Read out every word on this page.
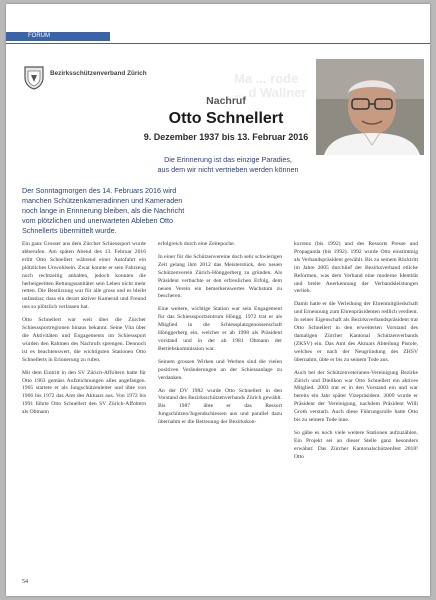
FORUM
Bezirksschützenverband Zürich	Ma ... rode
... d Wallner
Nachruf
Otto Schnellert
9. Dezember 1937 bis 13. Februar 2016
Die Erinnerung ist das einzige Paradies,
aus dem wir nicht vertrieben werden können
Der Sonntagmorgen des 14. Februars 2016 wird
manchen Schützenkameradinnen und Kameraden
noch lange in Erinnerung bleiben, als die Nachricht
vom plötzlichen und unerwarteten Ableben Otto
Schnellerts übermittelt wurde.

Ein ganz Grosser aus dem Zürcher Schiesssport wurde abberufen. Am späten Abend des 13. Februar 2016 erlitt Otto Schnellert während einer Autofahrt ein plötzliches Unwohlsein. Zwar konnte er sein Fahrzeug noch rechtzeitig anhalten, jedoch konnten die herbeigeeilten Rettungssanitäter sein Leben nicht mehr retten. Die Bestürzung war für alle gross und es bleibt unfassbar, dass ein derart aktiver Kamerad und Freund uns so plötzlich verlassen hat.

Otto Schnellert war weit über die Zürcher Schiesssportregionen hinaus bekannt. Seine Vita über die Aktivitäten und Engagements im Schiesssport würden den Rahmen des Nachrufs sprengen. Dennoch ist es beachtenswert, die wichtigsten Stationen Otto Schnellerts in Erinnerung zu rufen.

Mit dem Eintritt in den SV Zürich-Affoltern hatte für Otto 1963 gemäss Aufzeichnungen alles angefangen. 1965 startete er als Jungschützenleiter und übte von 1966 bis 1972 das Amt des Aktuars aus. Von 1972 bis 1991 führte Otto Schnellert den SV Zürich-Affoltern als Obmann

erfolgreich durch eine Zeitepoche.

In einer für die Schützenvereine doch sehr schwierigen Zeit gelang ihm 2012 das Meisterstück, den neuen Schützenverein Zürich-Hönggerberg zu gründen. Als Präsident verbuchte er den erfreulichen Erfolg, dem neuen Verein ein bemerkenswertes Wachstum zu bescheren.

Eine weitere, wichtige Station war sein Engagement für das Schiesssportzentrum Höngg. 1972 trat er als Mitglied in die Schiessplatzgenossenschaft Hönggerberg ein, welcher er ab 1998 als Präsident vorstand und in der ab 1981 Obmann der Betriebskommission war.

Seinem grossen Wirken und Werben sind die vielen positiven Veränderungen an der Schiessanlage zu verdanken.

An der DV 1982 wurde Otto Schnellert in den Vorstand des Bezirksschützenverbands Zürich gewählt. Bis 1987 übte er das Ressort Jungschützen/Jugendschiessen aus und parallel dazu übernahm er die Betreuung der Bezirkskon-

kurrenz (bis 1992) und des Ressorts Presse und Propaganda (bis 1992). 1992 wurde Otto einstimmig als Verbandspräsident gewählt. Bis zu seinem Rücktritt im Jahre 2005 durchlief der Bezirksverband etliche Reformen, was dem Verband eine moderne Identität und breite Anerkennung der Verbandsleistungen verlieh.

Damit hatte er die Verleihung der Ehrenmitgliedschaft und Ernennung zum Ehrenpräsidenten redlich verdient. In seiner Eigenschaft als Bezirksverbandspräsident trat Otto Schnellert in den erweiterten Vorstand des damaligen Zürcher Kantonal Schützenverbands (ZKSV) ein. Das Amt des Aktuars Abteilung Pistole, welches er nach der Neugründung des ZHSV übernahm, übte er bis zu seinem Tode aus.

Auch bei der Schützenveteranen-Vereinigung Bezirke Zürich und Dielikon war Otto Schnellert ein aktives Mitglied. 2003 trat er in den Vorstand ein und war bereits ein Jahr später Vizepräsident. 2009 wurde er Präsident der Vereinigung, nachdem Präsident Willi Groth verstarb. Auch diese Führungsrolle hatte Otto bis zu seinem Tode inne.

So gäbe es noch viele weitere Stationen aufzuzählen. Ein Projekt sei an dieser Stelle ganz besonders erwähnt: Das Zürcher Kantonalschützenfest 2018! Otto

54
